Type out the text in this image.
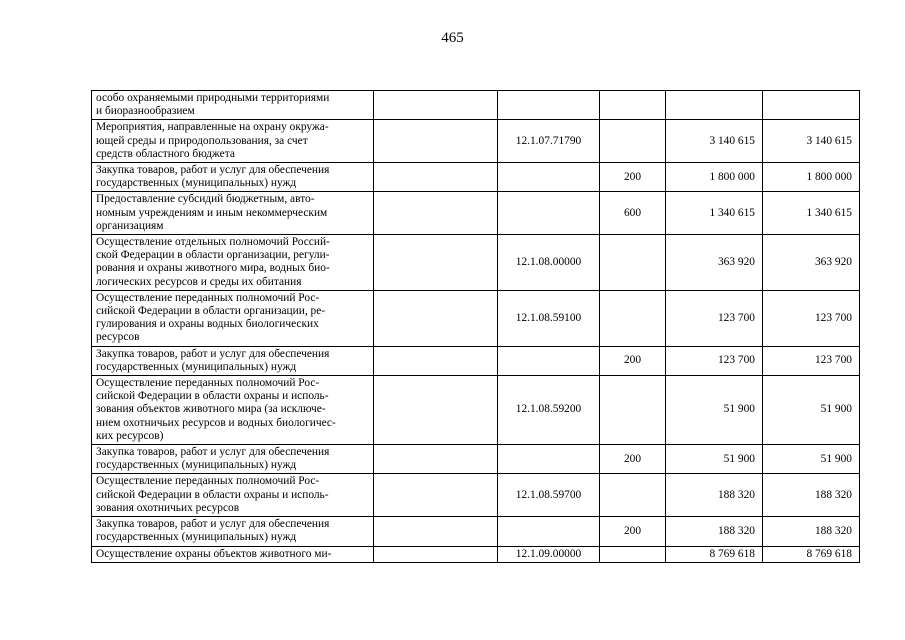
465
особо охраняемыми природными территориями
и биоразнообразием					

Мероприятия, направленные на охрану окружа-
ющей среды и природопользования, за счет
средств областного бюджета		12.1.07.71790		3 140 615	3 140 615

Закупка товаров, работ и услуг для обеспечения
государственных (муниципальных) нужд			200	1 800 000	1 800 000

Предоставление субсидий бюджетным, авто-
номным учреждениям и иным некоммерческим
организациям			600	1 340 615	1 340 615

Осуществление отдельных полномочий Россий-
ской Федерации в области организации, регули-
рования и охраны животного мира, водных био-
логических ресурсов и среды их обитания		12.1.08.00000		363 920	363 920

Осуществление переданных полномочий Рос-
сийской Федерации в области организации, ре-
гулирования и охраны водных биологических
ресурсов		12.1.08.59100		123 700	123 700

Закупка товаров, работ и услуг для обеспечения
государственных (муниципальных) нужд			200	123 700	123 700

Осуществление переданных полномочий Рос-
сийской Федерации в области охраны и исполь-
зования объектов животного мира (за исключе-
нием охотничьих ресурсов и водных биологичес-
ких ресурсов)		12.1.08.59200		51 900	51 900

Закупка товаров, работ и услуг для обеспечения
государственных (муниципальных) нужд			200	51 900	51 900

Осуществление переданных полномочий Рос-
сийской Федерации в области охраны и исполь-
зования охотничьих ресурсов		12.1.08.59700		188 320	188 320

Закупка товаров, работ и услуг для обеспечения
государственных (муниципальных) нужд			200	188 320	188 320

Осуществление охраны объектов животного ми-		12.1.09.00000		8 769 618	8 769 618
